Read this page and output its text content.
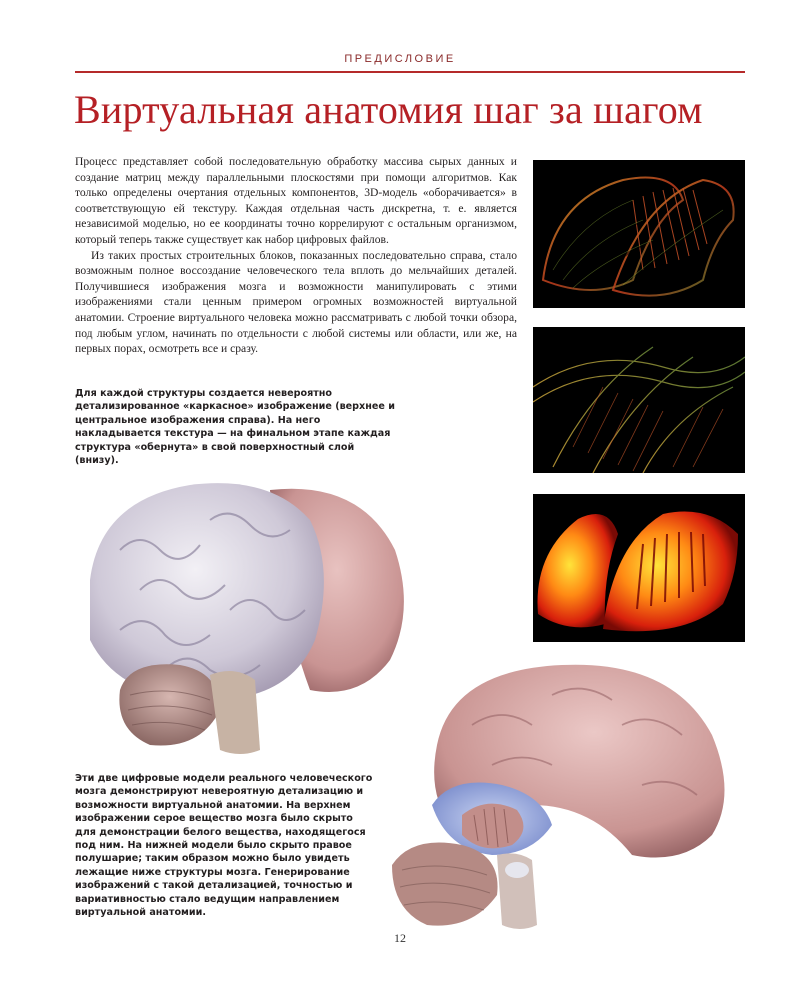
ПРЕДИСЛОВИЕ
Виртуальная анатомия шаг за шагом

Процесс представляет собой последовательную обработку массива сырых данных и создание матриц между параллельными плоскостями при помощи алгоритмов. Как только определены очертания отдельных компонентов, 3D-модель «оборачивается» в соответствующую ей текстуру. Каждая отдельная часть дискретна, т. е. является независимой моделью, но ее координаты точно коррелируют с остальным организмом, который теперь также существует как набор цифровых файлов.

Из таких простых строительных блоков, показанных последовательно справа, стало возможным полное воссоздание человеческого тела вплоть до мельчайших деталей. Получившиеся изображения мозга и возможности манипулировать с этими изображениями стали ценным примером огромных возможностей виртуальной анатомии. Строение виртуального человека можно рассматривать с любой точки обзора, под любым углом, начинать по отдельности с любой системы или области, или же, на первых порах, осмотреть все и сразу.

Для каждой структуры создается невероятно детализированное «каркасное» изображение (верхнее и центральное изображения справа). На него накладывается текстура — на финальном этапе каждая структура «обернута» в свой поверхностный слой (внизу).
Эти две цифровые модели реального человеческого мозга демонстрируют невероятную детализацию и возможности виртуальной анатомии. На верхнем изображении серое вещество мозга было скрыто для демонстрации белого вещества, находящегося под ним. На нижней модели было скрыто правое полушарие; таким образом можно было увидеть лежащие ниже структуры мозга. Генерирование изображений с такой детализацией, точностью и вариативностью стало ведущим направлением виртуальной анатомии.
12
